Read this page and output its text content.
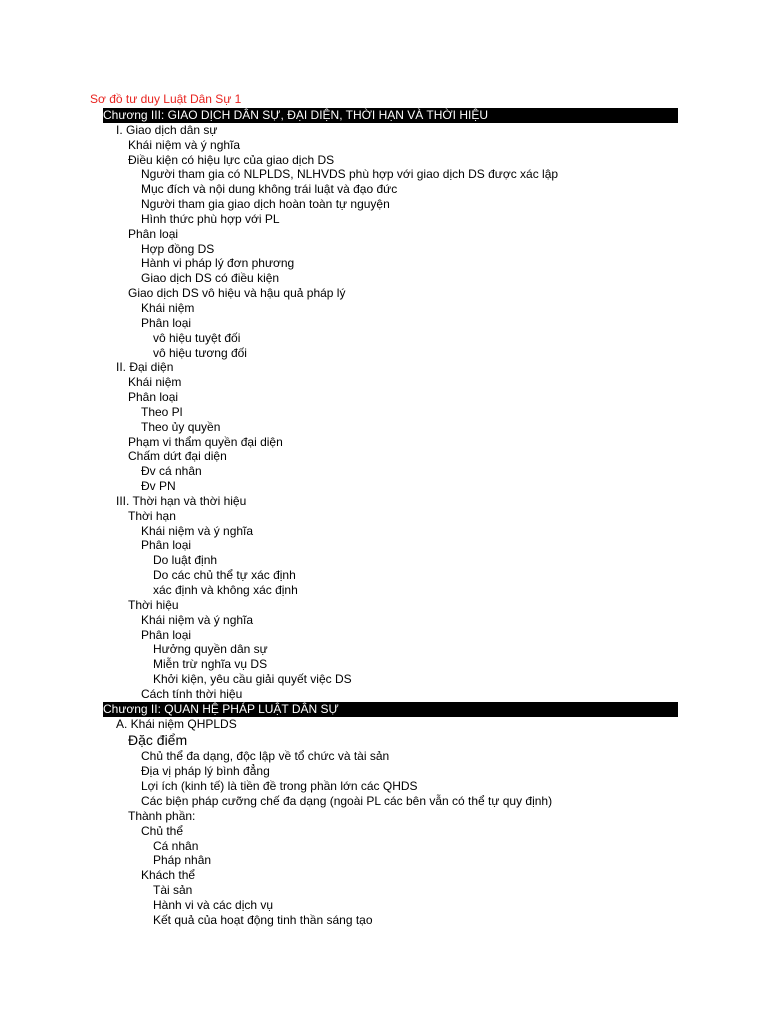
Sơ đồ tư duy Luật Dân Sự 1
Chương III: GIAO DỊCH DÂN SỰ, ĐẠI DIỆN, THỜI HẠN VÀ THỜI HIỆU
I. Giao dịch dân sự
Khái niệm và ý nghĩa
Điều kiện có hiệu lực của giao dịch DS
Người tham gia có NLPLDS, NLHVDS phù hợp với giao dịch DS được xác lập
Mục đích và nội dung không trái luật và đạo đức
Người tham gia giao dịch hoàn toàn tự nguyện
Hình thức phù hợp với PL
Phân loại
Hợp đồng DS
Hành vi pháp lý đơn phương
Giao dịch DS có điều kiện
Giao dịch DS vô hiệu và hậu quả pháp lý
Khái niệm
Phân loại
vô hiệu tuyệt đối
vô hiệu tương đối
II. Đại diện
Khái niệm
Phân loại
Theo Pl
Theo ủy quyền
Phạm vi thẩm quyền đại diện
Chấm dứt đại diện
Đv cá nhân
Đv PN
III. Thời hạn và thời hiệu
Thời hạn
Khái niệm và ý nghĩa
Phân loại
Do luật định
Do các chủ thể tự xác định
xác định và không xác định
Thời hiệu
Khái niệm và ý nghĩa
Phân loại
Hưởng quyền dân sự
Miễn trừ nghĩa vụ DS
Khởi kiện, yêu cầu giải quyết việc DS
Cách tính thời hiệu
Chương II: QUAN HỆ PHÁP LUẬT DÂN SỰ
A. Khái niệm QHPLDS
Đặc điểm
Chủ thể đa dạng, độc lập về tổ chức và tài sản
Địa vị pháp lý bình đẳng
Lợi ích (kinh tế) là tiền đề trong phần lớn các QHDS
Các biện pháp cưỡng chế đa dạng (ngoài PL các bên vẫn có thể tự quy định)
Thành phần:
Chủ thể
Cá nhân
Pháp nhân
Khách thể
Tài sản
Hành vi và các dịch vụ
Kết quả của hoạt động tinh thần sáng tạo
